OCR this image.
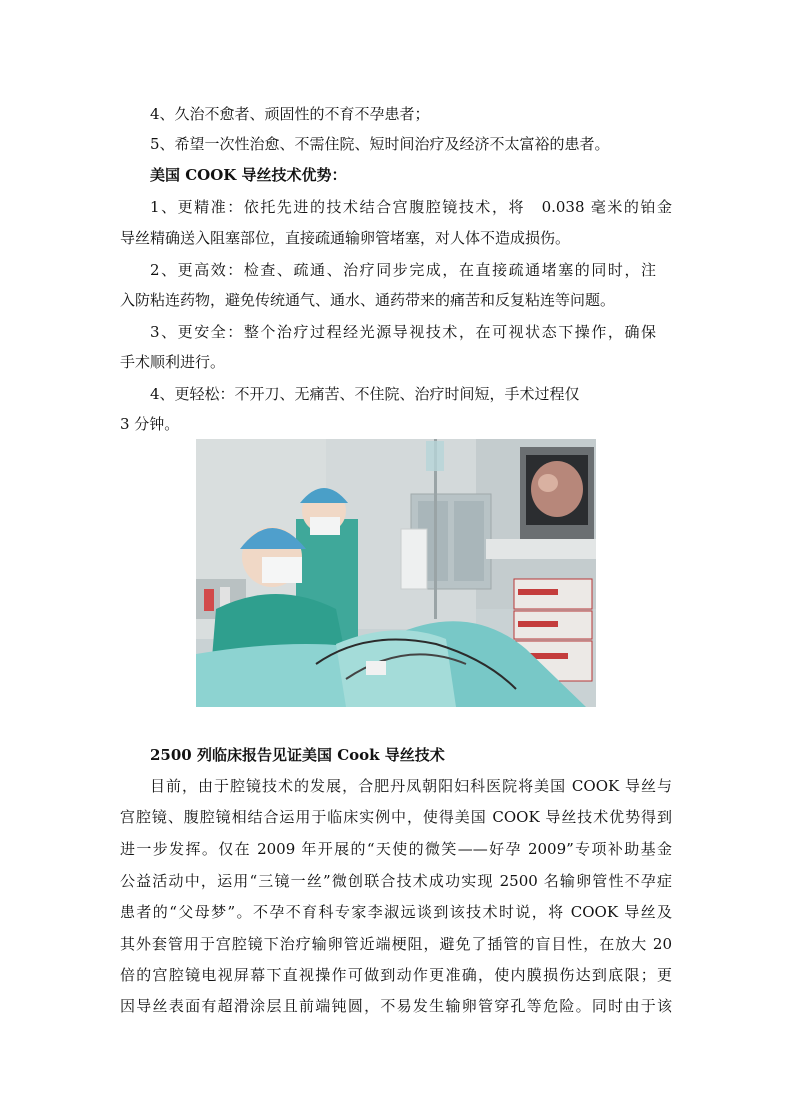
4、久治不愈者、顽固性的不育不孕患者；
5、希望一次性治愈、不需住院、短时间治疗及经济不太富裕的患者。
美国 COOK 导丝技术优势：
1、更精准：依托先进的技术结合宫腹腔镜技术，将　0.038 毫米的铂金
导丝精确送入阻塞部位，直接疏通输卵管堵塞，对人体不造成损伤。
2、更高效：检查、疏通、治疗同步完成，在直接疏通堵塞的同时，注
入防粘连药物，避免传统通气、通水、通药带来的痛苦和反复粘连等问题。
3、更安全：整个治疗过程经光源导视技术，在可视状态下操作，确保
手术顺利进行。
4、更轻松：不开刀、无痛苦、不住院、治疗时间短，手术过程仅
3 分钟。
2500 列临床报告见证美国 Cook 导丝技术
目前，由于腔镜技术的发展，合肥丹凤朝阳妇科医院将美国 COOK 导丝与
宫腔镜、腹腔镜相结合运用于临床实例中，使得美国 COOK 导丝技术优势得到
进一步发挥。仅在 2009 年开展的“天使的微笑——好孕 2009”专项补助基金
公益活动中，运用“三镜一丝”微创联合技术成功实现 2500 名输卵管性不孕症
患者的“父母梦”。不孕不育科专家李淑远谈到该技术时说，将 COOK 导丝及
其外套管用于宫腔镜下治疗输卵管近端梗阻，避免了插管的盲目性，在放大 20
倍的宫腔镜电视屏幕下直视操作可做到动作更准确，使内膜损伤达到底限；更
因导丝表面有超滑涂层且前端钝圆，不易发生输卵管穿孔等危险。同时由于该
